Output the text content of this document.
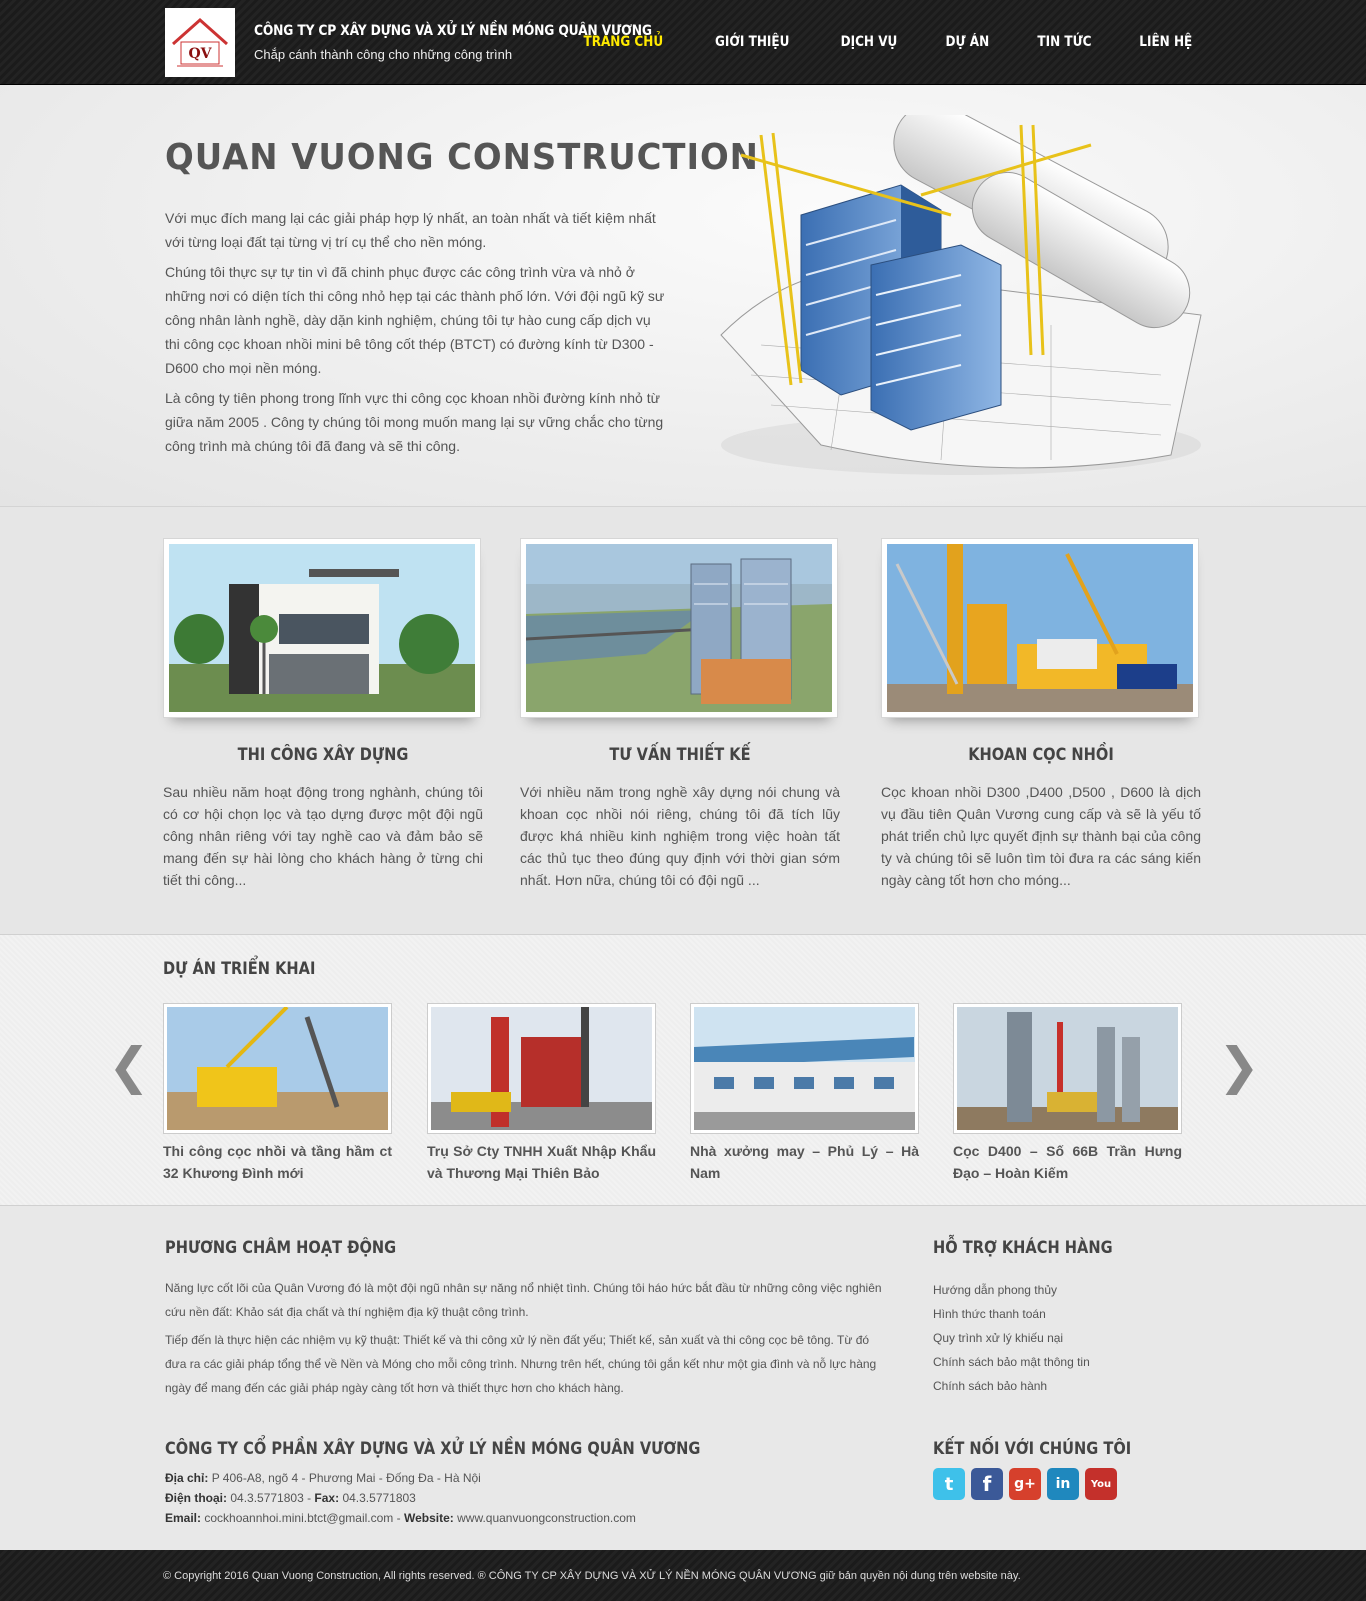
QV
CÔNG TY CP XÂY DỰNG VÀ XỬ LÝ NỀN MÓNG QUÂN VƯƠNG
Chắp cánh thành công cho những công trình
TRANG CHỦ	GIỚI THIỆU	DỊCH VỤ	DỰ ÁN	TIN TỨC	LIÊN HỆ
QUAN VUONG CONSTRUCTION

Với mục đích mang lại các giải pháp hợp lý nhất, an toàn nhất và tiết kiệm nhất với từng loại đất tại từng vị trí cụ thể cho nền móng.

Chúng tôi thực sự tự tin vì đã chinh phục được các công trình vừa và nhỏ ở những nơi có diện tích thi công nhỏ hẹp tại các thành phố lớn. Với đội ngũ kỹ sư công nhân lành nghề, dày dặn kinh nghiệm, chúng tôi tự hào cung cấp dịch vụ thi công cọc khoan nhồi mini bê tông cốt thép (BTCT) có đường kính từ D300 - D600 cho mọi nền móng.

Là công ty tiên phong trong lĩnh vực thi công cọc khoan nhồi đường kính nhỏ từ giữa năm 2005 . Công ty chúng tôi mong muốn mang lại sự vững chắc cho từng công trình mà chúng tôi đã đang và sẽ thi công.

THI CÔNG XÂY DỰNG

Sau nhiều năm hoạt động trong nghành, chúng tôi có cơ hội chọn lọc và tạo dựng được một đội ngũ công nhân riêng với tay nghề cao và đảm bảo sẽ mang đến sự hài lòng cho khách hàng ở từng chi tiết thi công...

TƯ VẤN THIẾT KẾ

Với nhiều năm trong nghề xây dựng nói chung và khoan cọc nhồi nói riêng, chúng tôi đã tích lũy được khá nhiều kinh nghiệm trong việc hoàn tất các thủ tục theo đúng quy định với thời gian sớm nhất. Hơn nữa, chúng tôi có đội ngũ ...

KHOAN CỌC NHỒI

Cọc khoan nhồi D300 ,D400 ,D500 , D600 là dịch vụ đầu tiên Quân Vương cung cấp và sẽ là yếu tố phát triển chủ lực quyết định sự thành bại của công ty và chúng tôi sẽ luôn tìm tòi đưa ra các sáng kiến ngày càng tốt hơn cho móng...

DỰ ÁN TRIỂN KHAI
❮	❯

Thi công cọc nhồi và tầng hầm ct 32 Khương Đình mới

Trụ Sở Cty TNHH Xuất Nhập Khẩu và Thương Mại Thiên Bảo

Nhà xưởng may – Phủ Lý – Hà Nam

Cọc D400 – Số 66B Trần Hưng Đạo – Hoàn Kiếm

PHƯƠNG CHÂM HOẠT ĐỘNG

Năng lực cốt lõi của Quân Vương đó là một đội ngũ nhân sự năng nổ nhiệt tình. Chúng tôi háo hức bắt đầu từ những công việc nghiên cứu nền đất: Khảo sát địa chất và thí nghiệm địa kỹ thuật công trình.

Tiếp đến là thực hiện các nhiệm vụ kỹ thuật: Thiết kế và thi công xử lý nền đất yếu; Thiết kế, sản xuất và thi công cọc bê tông. Từ đó đưa ra các giải pháp tổng thể về Nền và Móng cho mỗi công trình. Nhưng trên hết, chúng tôi gắn kết như một gia đình và nỗ lực hàng ngày để mang đến các giải pháp ngày càng tốt hơn và thiết thực hơn cho khách hàng.

HỖ TRỢ KHÁCH HÀNG
Hướng dẫn phong thủy
Hình thức thanh toán
Quy trình xử lý khiếu nại
Chính sách bảo mật thông tin
Chính sách bảo hành
CÔNG TY CỔ PHẦN XÂY DỰNG VÀ XỬ LÝ NỀN MÓNG QUÂN VƯƠNG
Địa chỉ: P 406-A8, ngõ 4 - Phương Mai - Đống Đa - Hà Nội
Điện thoại: 04.3.5771803 - Fax: 04.3.5771803
Email: cockhoannhoi.mini.btct@gmail.com - Website: www.quanvuongconstruction.com
KẾT NỐI VỚI CHÚNG TÔI
t	f	g+	in	You

© Copyright 2016 Quan Vuong Construction, All rights reserved. ® CÔNG TY CP XÂY DỰNG VÀ XỬ LÝ NỀN MÓNG QUÂN VƯƠNG giữ bản quyền nội dung trên website này.
